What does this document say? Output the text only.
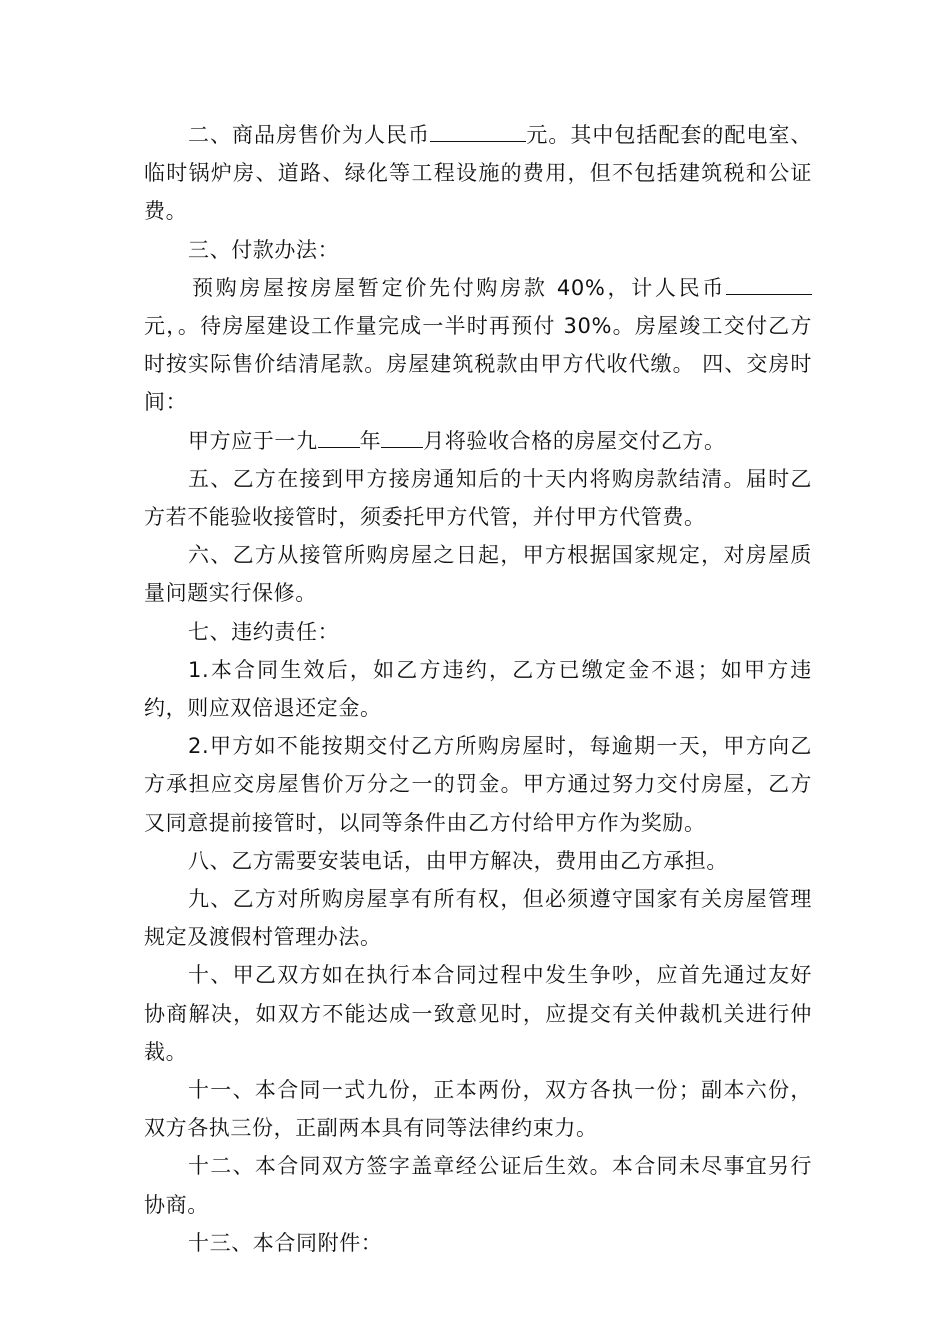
二、商品房售价为人民币	元。其中包括配套的配电室、临时锅炉房、道路、绿化等工程设施的费用，但不包括建筑税和公证费。

三、付款办法：

预购房屋按房屋暂定价先付购房款 40%，计人民币元，。待房屋建设工作量完成一半时再预付 30%。房屋竣工交付乙方时按实际售价结清尾款。房屋建筑税款由甲方代收代缴。 四、交房时间：

甲方应于一九 年 月将验收合格的房屋交付乙方。

五、乙方在接到甲方接房通知后的十天内将购房款结清。届时乙方若不能验收接管时，须委托甲方代管，并付甲方代管费。

六、乙方从接管所购房屋之日起，甲方根据国家规定，对房屋质量问题实行保修。

七、违约责任：

1.本合同生效后，如乙方违约，乙方已缴定金不退；如甲方违约，则应双倍退还定金。

2.甲方如不能按期交付乙方所购房屋时，每逾期一天，甲方向乙方承担应交房屋售价万分之一的罚金。甲方通过努力交付房屋，乙方又同意提前接管时，以同等条件由乙方付给甲方作为奖励。

八、乙方需要安装电话，由甲方解决，费用由乙方承担。

九、乙方对所购房屋享有所有权，但必须遵守国家有关房屋管理规定及渡假村管理办法。

十、甲乙双方如在执行本合同过程中发生争吵，应首先通过友好协商解决，如双方不能达成一致意见时，应提交有关仲裁机关进行仲裁。

十一、本合同一式九份，正本两份，双方各执一份；副本六份，双方各执三份，正副两本具有同等法律约束力。

十二、本合同双方签字盖章经公证后生效。本合同未尽事宜另行协商。

十三、本合同附件：
